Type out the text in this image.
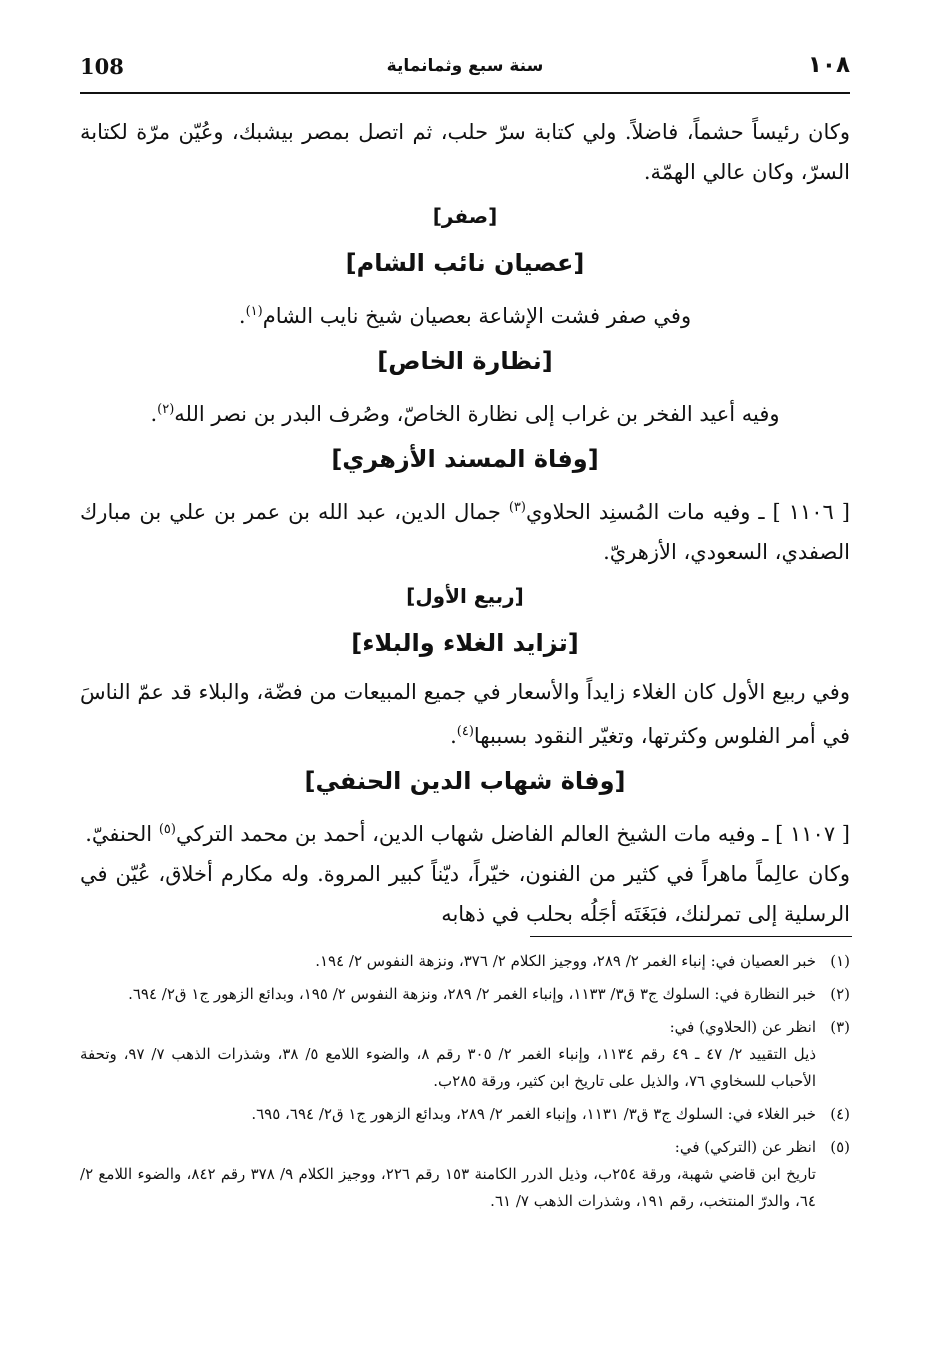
108	سنة سبع وثمانماية	١٠٨

وكان رئيساً حشماً، فاضلاً. ولي كتابة سرّ حلب، ثم اتصل بمصر بيشبك، وعُيّن مرّة لكتابة السرّ، وكان عالي الهمّة.

[صفر]
[عصيان نائب الشام]

وفي صفر فشت الإشاعة بعصيان شيخ نايب الشام$^{(١)}$.

[نظارة الخاص]

وفيه أعيد الفخر بن غراب إلى نظارة الخاصّ، وصُرف البدر بن نصر الله$^{(٢)}$.

[وفاة المسند الأزهري]

[ ١١٠٦ ] ـ وفيه مات المُسنِد الحلاوي$^{(٣)}$ جمال الدين، عبد الله بن عمر بن علي بن مبارك الصفدي، السعودي، الأزهريّ.

[ربيع الأول]
[تزايد الغلاء والبلاء]

وفي ربيع الأول كان الغلاء زايداً والأسعار في جميع المبيعات من فضّة، والبلاء قد عمّ الناسَ في أمر الفلوس وكثرتها، وتغيّر النقود بسببها$^{(٤)}$.

[وفاة شهاب الدين الحنفي]

[ ١١٠٧ ] ـ وفيه مات الشيخ العالم الفاضل شهاب الدين، أحمد بن محمد التركي$^{(٥)}$ الحنفيّ.

وكان عالِماً ماهراً في كثير من الفنون، خيّراً، ديّناً كبير المروة. وله مكارم أخلاق، عُيّن في الرسلية إلى تمرلنك، فبَغَتَه أجَلُه بحلب في ذهابه

(١)
خبر العصيان في: إنباء الغمر ٢/ ٢٨٩، ووجيز الكلام ٢/ ٣٧٦، ونزهة النفوس ٢/ ١٩٤.
(٢)
خبر النظارة في: السلوك ج٣ ق٣/ ١١٣٣، وإنباء الغمر ٢/ ٢٨٩، ونزهة النفوس ٢/ ١٩٥، وبدائع الزهور ج١ ق٢/ ٦٩٤.
(٣)
انظر عن (الحلاوي) في:
ذيل التقييد ٢/ ٤٧ ـ ٤٩ رقم ١١٣٤، وإنباء الغمر ٢/ ٣٠٥ رقم ٨، والضوء اللامع ٥/ ٣٨، وشذرات الذهب ٧/ ٩٧، وتحفة الأحباب للسخاوي ٧٦، والذيل على تاريخ ابن كثير، ورقة ٢٨٥ب.
(٤)
خبر الغلاء في: السلوك ج٣ ق٣/ ١١٣١، وإنباء الغمر ٢/ ٢٨٩، وبدائع الزهور ج١ ق٢/ ٦٩٤، ٦٩٥.
(٥)
انظر عن (التركي) في:
تاريخ ابن قاضي شهبة، ورقة ٢٥٤ب، وذيل الدرر الكامنة ١٥٣ رقم ٢٢٦، ووجيز الكلام ٩/ ٣٧٨ رقم ٨٤٢، والضوء اللامع ٢/ ٦٤، والدرّ المنتخب، رقم ١٩١، وشذرات الذهب ٧/ ٦١.
